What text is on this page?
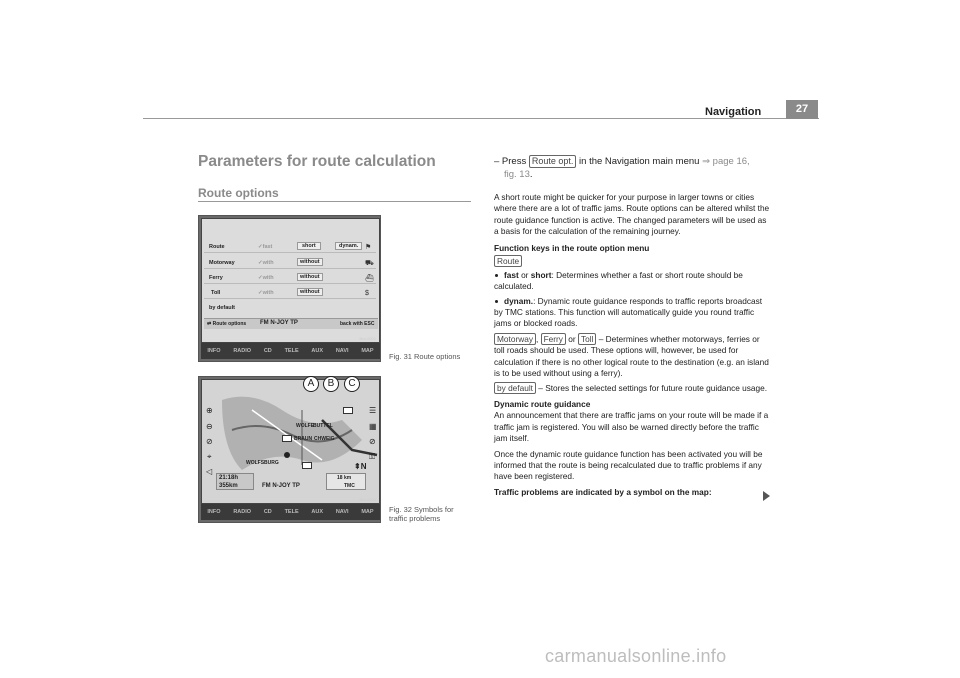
Navigation	27
Parameters for route calculation
Route options
Route	✓fast	short	dynam.
Motorway	✓with	without
Ferry	✓with	without
Toll	✓with	without
by default
⚑
⛟
⛴
$
⇄ Route options FM N-JOY TP	back with ESC
INFO RADIO CD TELE AUX NAVI MAP
Bra-0001
Fig. 31 Route options
WOLFE
BUTTEL
BRAUN CHWEIG
WOLFSBURG
⊕
⊖
⊘
⌖
◁
☰
▦
⊘
⚿
⇞N
21:18h
355km	FM N-JOY TP
18 km
TMC
A	B	C
INFO RADIO CD TELE AUX NAVI MAP
Bra-0002
Fig. 32 Symbols for
traffic problems
– Press Route opt. in the Navigation main menu ⇒ page 16,
fig. 13.

A short route might be quicker for your purpose in larger towns or cities where there are a lot of traffic jams. Route options can be altered whilst the route guidance function is active. The changed parameters will be used as a basis for the calculation of the remaining journey.

Function keys in the route option menu

Route

fast or short: Determines whether a fast or short route should be calculated.

dynam.: Dynamic route guidance responds to traffic reports broadcast by TMC stations. This function will automatically guide you round traffic jams or blocked roads.

Motorway , Ferry or Toll – Determines whether motorways, ferries or toll roads should be used. These options will, however, be used for calculation if there is no other logical route to the destination (e.g. an island is to be used without using a ferry).

by default – Stores the selected settings for future route guidance usage.

Dynamic route guidance

An announcement that there are traffic jams on your route will be made if a traffic jam is registered. You will also be warned directly before the traffic jam itself.

Once the dynamic route guidance function has been activated you will be informed that the route is being recalculated due to traffic problems if any have been registered.

Traffic problems are indicated by a symbol on the map:

carmanualsonline.info
